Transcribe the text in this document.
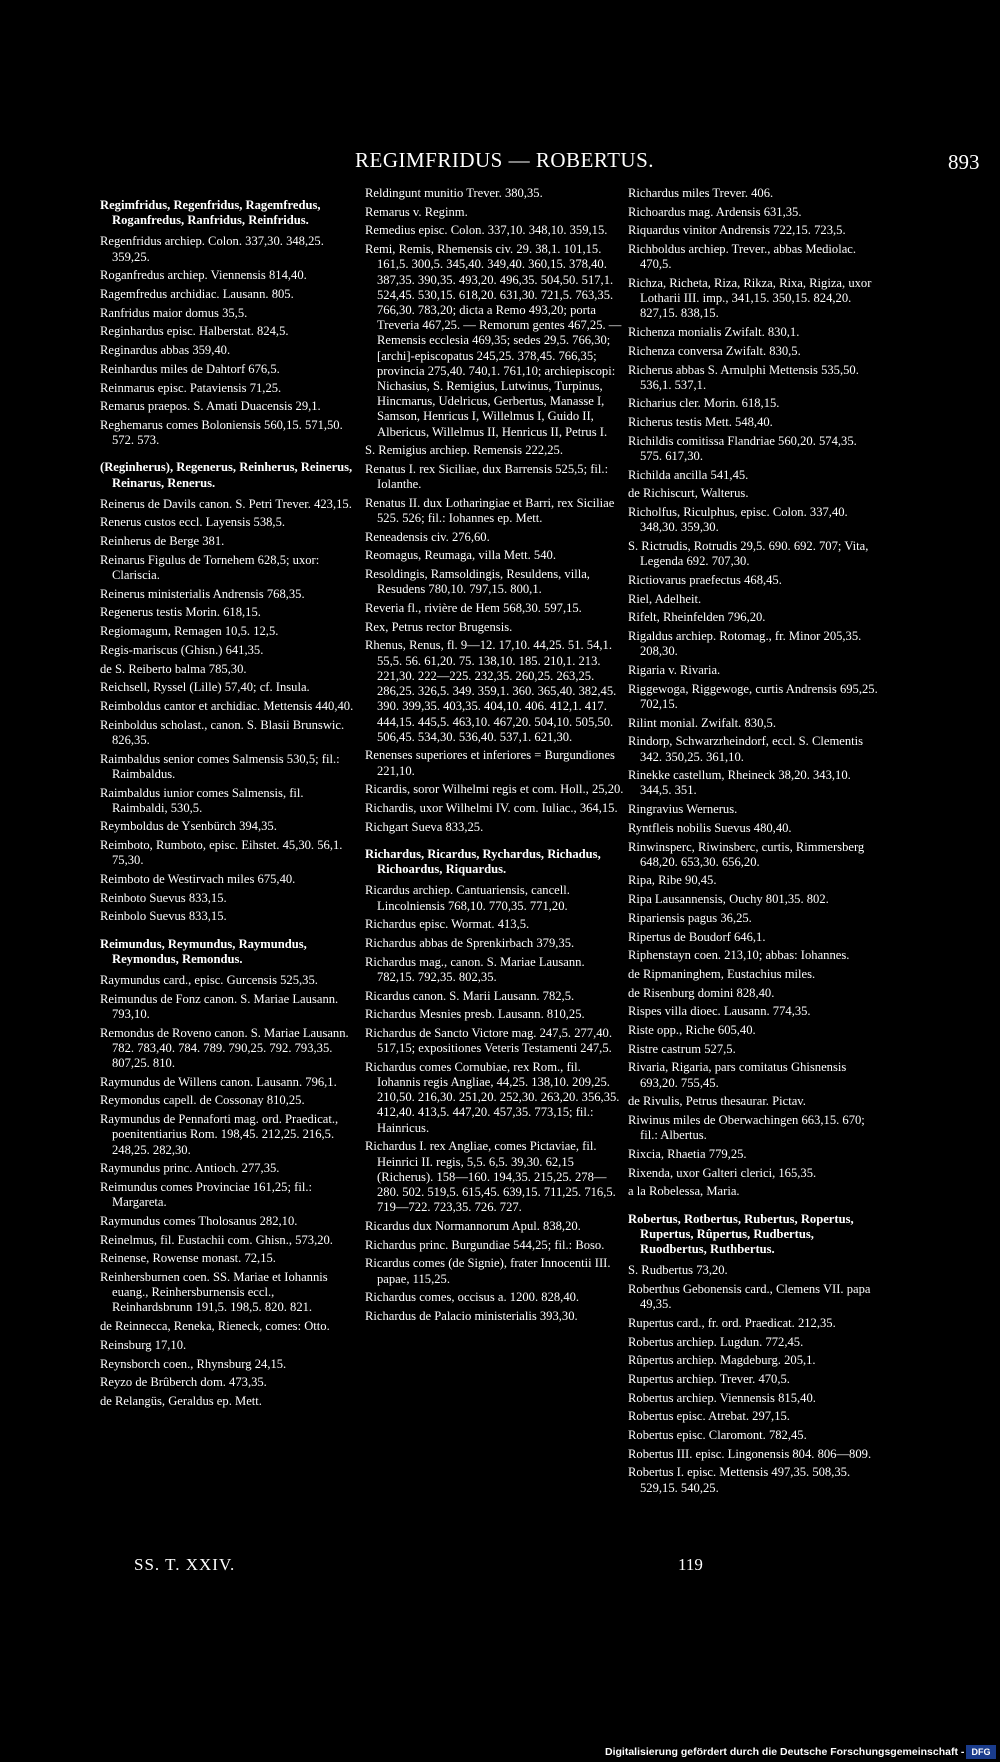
REGIMFRIDUS — ROBERTUS.	893

Regimfridus, Regenfridus, Ragemfredus, Roganfredus, Ranfridus, Reinfridus.

Regenfridus archiep. Colon. 337,30. 348,25. 359,25.

Roganfredus archiep. Viennensis 814,40.

Ragemfredus archidiac. Lausann. 805.

Ranfridus maior domus 35,5.

Reginhardus episc. Halberstat. 824,5.

Reginardus abbas 359,40.

Reinhardus miles de Dahtorf 676,5.

Reinmarus episc. Pataviensis 71,25.

Remarus praepos. S. Amati Duacensis 29,1.

Reghemarus comes Boloniensis 560,15. 571,50. 572. 573.

(Reginherus), Regenerus, Reinherus, Reinerus, Reinarus, Renerus.

Reinerus de Davils canon. S. Petri Trever. 423,15.

Renerus custos eccl. Layensis 538,5.

Reinherus de Berge 381.

Reinarus Figulus de Tornehem 628,5; uxor: Clariscia.

Reinerus ministerialis Andrensis 768,35.

Regenerus testis Morin. 618,15.

Regiomagum, Remagen 10,5. 12,5.

Regis-mariscus (Ghisn.) 641,35.

de S. Reiberto balma 785,30.

Reichsell, Ryssel (Lille) 57,40; cf. Insula.

Reimboldus cantor et archidiac. Mettensis 440,40.

Reinboldus scholast., canon. S. Blasii Brunswic. 826,35.

Raimbaldus senior comes Salmensis 530,5; fil.: Raimbaldus.

Raimbaldus iunior comes Salmensis, fil. Raimbaldi, 530,5.

Reymboldus de Ysenbürch 394,35.

Reimboto, Rumboto, episc. Eihstet. 45,30. 56,1. 75,30.

Reimboto de Westirvach miles 675,40.

Reinboto Suevus 833,15.

Reinbolo Suevus 833,15.

Reimundus, Reymundus, Raymundus, Reymondus, Remondus.

Raymundus card., episc. Gurcensis 525,35.

Reimundus de Fonz canon. S. Mariae Lausann. 793,10.

Remondus de Roveno canon. S. Mariae Lausann. 782. 783,40. 784. 789. 790,25. 792. 793,35. 807,25. 810.

Raymundus de Willens canon. Lausann. 796,1.

Reymondus capell. de Cossonay 810,25.

Raymundus de Pennaforti mag. ord. Praedicat., poenitentiarius Rom. 198,45. 212,25. 216,5. 248,25. 282,30.

Raymundus princ. Antioch. 277,35.

Reimundus comes Provinciae 161,25; fil.: Margareta.

Raymundus comes Tholosanus 282,10.

Reinelmus, fil. Eustachii com. Ghisn., 573,20.

Reinense, Rowense monast. 72,15.

Reinhersburnen coen. SS. Mariae et Iohannis euang., Reinhersburnensis eccl., Reinhardsbrunn 191,5. 198,5. 820. 821.

de Reinnecca, Reneka, Rieneck, comes: Otto.

Reinsburg 17,10.

Reynsborch coen., Rhynsburg 24,15.

Reyzo de Brûberch dom. 473,35.

de Relangüs, Geraldus ep. Mett.

Reldingunt munitio Trever. 380,35.

Remarus v. Reginm.

Remedius episc. Colon. 337,10. 348,10. 359,15.

Remi, Remis, Rhemensis civ. 29. 38,1. 101,15. 161,5. 300,5. 345,40. 349,40. 360,15. 378,40. 387,35. 390,35. 493,20. 496,35. 504,50. 517,1. 524,45. 530,15. 618,20. 631,30. 721,5. 763,35. 766,30. 783,20; dicta a Remo 493,20; porta Treveria 467,25. — Remorum gentes 467,25. — Remensis ecclesia 469,35; sedes 29,5. 766,30; [archi]-episcopatus 245,25. 378,45. 766,35; provincia 275,40. 740,1. 761,10; archiepiscopi: Nichasius, S. Remigius, Lutwinus, Turpinus, Hincmarus, Udelricus, Gerbertus, Manasse I, Samson, Henricus I, Willelmus I, Guido II, Albericus, Willelmus II, Henricus II, Petrus I.

S. Remigius archiep. Remensis 222,25.

Renatus I. rex Siciliae, dux Barrensis 525,5; fil.: Iolanthe.

Renatus II. dux Lotharingiae et Barri, rex Siciliae 525. 526; fil.: Iohannes ep. Mett.

Reneadensis civ. 276,60.

Reomagus, Reumaga, villa Mett. 540.

Resoldingis, Ramsoldingis, Resuldens, villa, Resudens 780,10. 797,15. 800,1.

Reveria fl., rivière de Hem 568,30. 597,15.

Rex, Petrus rector Brugensis.

Rhenus, Renus, fl. 9—12. 17,10. 44,25. 51. 54,1. 55,5. 56. 61,20. 75. 138,10. 185. 210,1. 213. 221,30. 222—225. 232,35. 260,25. 263,25. 286,25. 326,5. 349. 359,1. 360. 365,40. 382,45. 390. 399,35. 403,35. 404,10. 406. 412,1. 417. 444,15. 445,5. 463,10. 467,20. 504,10. 505,50. 506,45. 534,30. 536,40. 537,1. 621,30.

Renenses superiores et inferiores = Burgundiones 221,10.

Ricardis, soror Wilhelmi regis et com. Holl., 25,20.

Richardis, uxor Wilhelmi IV. com. Iuliac., 364,15.

Richgart Sueva 833,25.

Richardus, Ricardus, Rychardus, Richadus, Richoardus, Riquardus.

Ricardus archiep. Cantuariensis, cancell. Lincolniensis 768,10. 770,35. 771,20.

Richardus episc. Wormat. 413,5.

Richardus abbas de Sprenkirbach 379,35.

Richardus mag., canon. S. Mariae Lausann. 782,15. 792,35. 802,35.

Ricardus canon. S. Marii Lausann. 782,5.

Richardus Mesnies presb. Lausann. 810,25.

Richardus de Sancto Victore mag. 247,5. 277,40. 517,15; expositiones Veteris Testamenti 247,5.

Richardus comes Cornubiae, rex Rom., fil. Iohannis regis Angliae, 44,25. 138,10. 209,25. 210,50. 216,30. 251,20. 252,30. 263,20. 356,35. 412,40. 413,5. 447,20. 457,35. 773,15; fil.: Hainricus.

Richardus I. rex Angliae, comes Pictaviae, fil. Heinrici II. regis, 5,5. 6,5. 39,30. 62,15 (Richerus). 158—160. 194,35. 215,25. 278—280. 502. 519,5. 615,45. 639,15. 711,25. 716,5. 719—722. 723,35. 726. 727.

Ricardus dux Normannorum Apul. 838,20.

Richardus princ. Burgundiae 544,25; fil.: Boso.

Ricardus comes (de Signie), frater Innocentii III. papae, 115,25.

Richardus comes, occisus a. 1200. 828,40.

Richardus de Palacio ministerialis 393,30.

Richardus miles Trever. 406.

Richoardus mag. Ardensis 631,35.

Riquardus vinitor Andrensis 722,15. 723,5.

Richboldus archiep. Trever., abbas Mediolac. 470,5.

Richza, Richeta, Riza, Rikza, Rixa, Rigiza, uxor Lotharii III. imp., 341,15. 350,15. 824,20. 827,15. 838,15.

Richenza monialis Zwifalt. 830,1.

Richenza conversa Zwifalt. 830,5.

Richerus abbas S. Arnulphi Mettensis 535,50. 536,1. 537,1.

Richarius cler. Morin. 618,15.

Richerus testis Mett. 548,40.

Richildis comitissa Flandriae 560,20. 574,35. 575. 617,30.

Richilda ancilla 541,45.

de Richiscurt, Walterus.

Richolfus, Riculphus, episc. Colon. 337,40. 348,30. 359,30.

S. Rictrudis, Rotrudis 29,5. 690. 692. 707; Vita, Legenda 692. 707,30.

Rictiovarus praefectus 468,45.

Riel, Adelheit.

Rifelt, Rheinfelden 796,20.

Rigaldus archiep. Rotomag., fr. Minor 205,35. 208,30.

Rigaria v. Rivaria.

Riggewoga, Riggewoge, curtis Andrensis 695,25. 702,15.

Rilint monial. Zwifalt. 830,5.

Rindorp, Schwarzrheindorf, eccl. S. Clementis 342. 350,25. 361,10.

Rinekke castellum, Rheineck 38,20. 343,10. 344,5. 351.

Ringravius Wernerus.

Ryntfleis nobilis Suevus 480,40.

Rinwinsperc, Riwinsberc, curtis, Rimmersberg 648,20. 653,30. 656,20.

Ripa, Ribe 90,45.

Ripa Lausannensis, Ouchy 801,35. 802.

Ripariensis pagus 36,25.

Ripertus de Boudorf 646,1.

Riphenstayn coen. 213,10; abbas: Iohannes.

de Ripmaninghem, Eustachius miles.

de Risenburg domini 828,40.

Rispes villa dioec. Lausann. 774,35.

Riste opp., Riche 605,40.

Ristre castrum 527,5.

Rivaria, Rigaria, pars comitatus Ghisnensis 693,20. 755,45.

de Rivulis, Petrus thesaurar. Pictav.

Riwinus miles de Oberwachingen 663,15. 670; fil.: Albertus.

Rixcia, Rhaetia 779,25.

Rixenda, uxor Galteri clerici, 165,35.

a la Robelessa, Maria.

Robertus, Rotbertus, Rubertus, Ropertus, Rupertus, Rûpertus, Rudbertus, Ruodbertus, Ruthbertus.

S. Rudbertus 73,20.

Roberthus Gebonensis card., Clemens VII. papa 49,35.

Rupertus card., fr. ord. Praedicat. 212,35.

Robertus archiep. Lugdun. 772,45.

Rûpertus archiep. Magdeburg. 205,1.

Rupertus archiep. Trever. 470,5.

Robertus archiep. Viennensis 815,40.

Robertus episc. Atrebat. 297,15.

Robertus episc. Claromont. 782,45.

Robertus III. episc. Lingonensis 804. 806—809.

Robertus I. episc. Mettensis 497,35. 508,35. 529,15. 540,25.

SS. T. XXIV.	119
Digitalisierung gefördert durch die Deutsche Forschungsgemeinschaft - DFG
